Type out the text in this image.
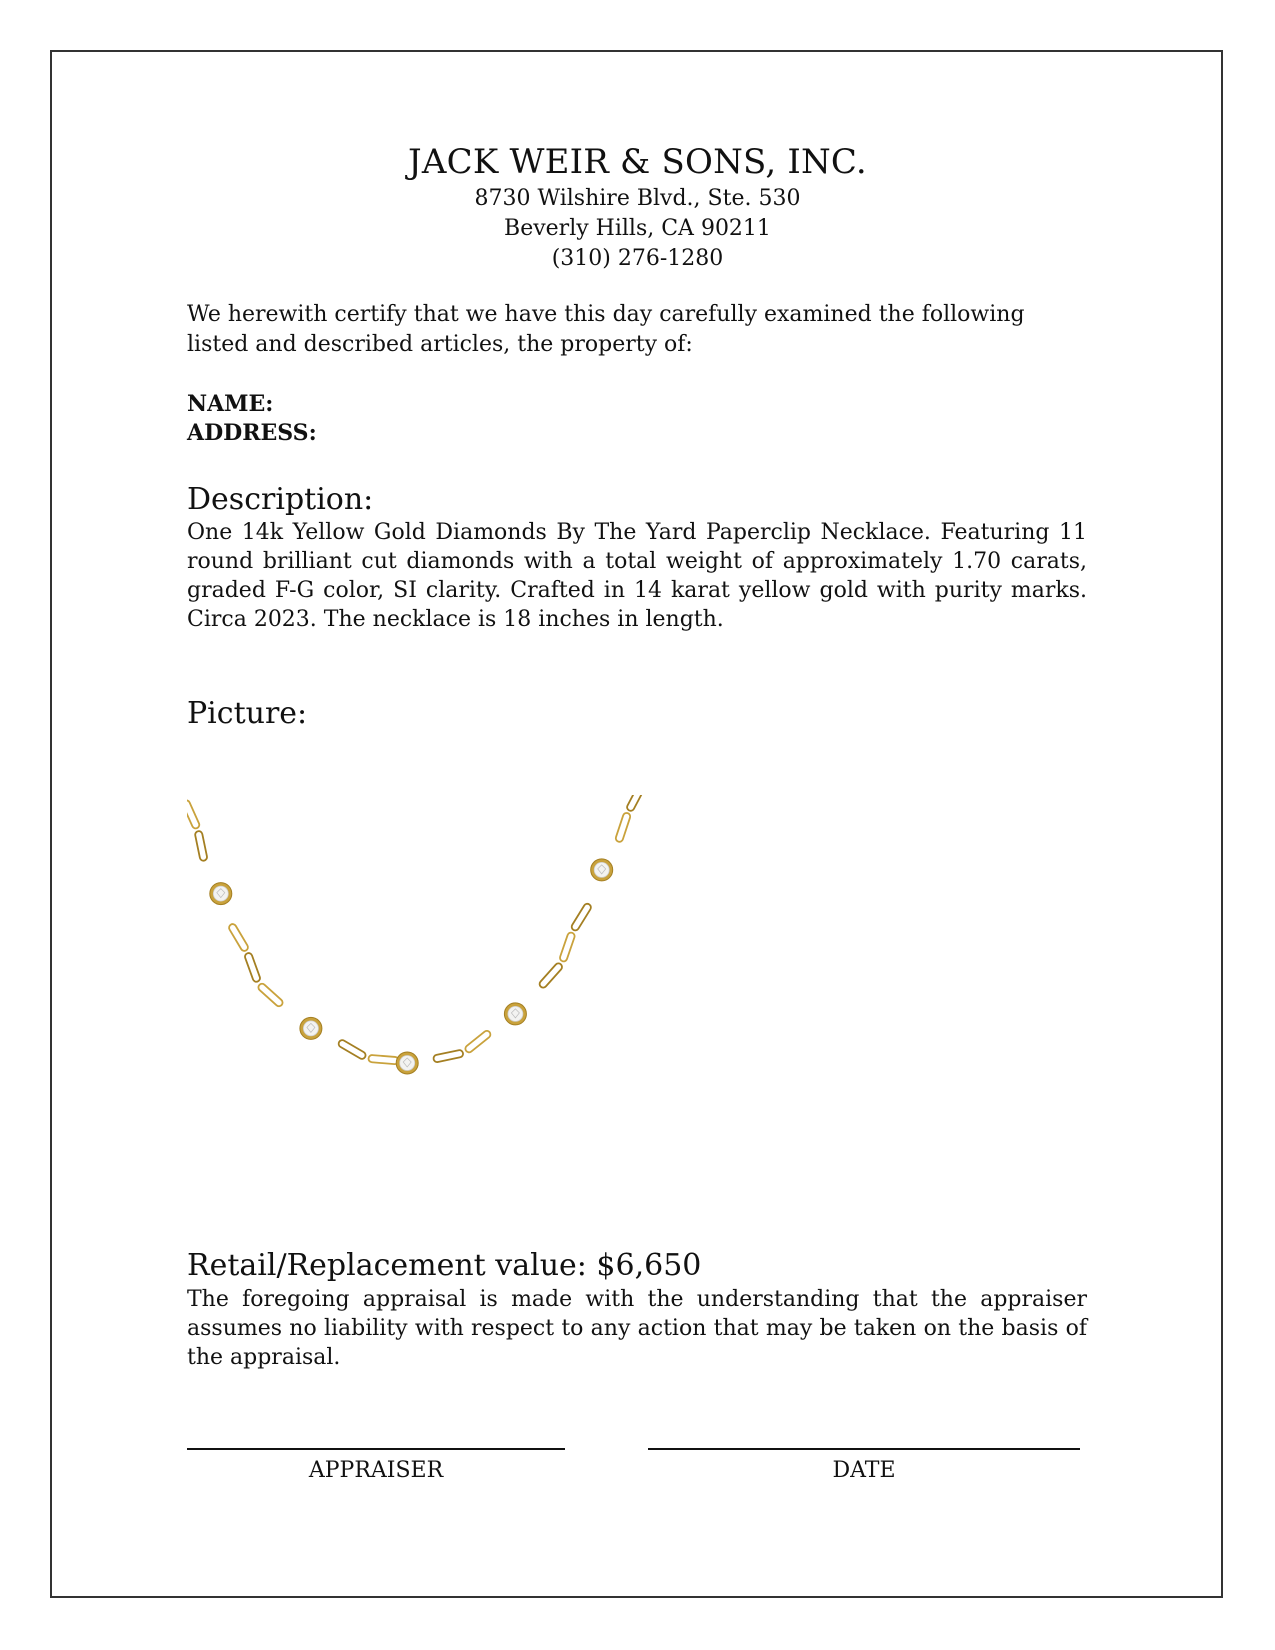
JACK WEIR & SONS, INC.
8730 Wilshire Blvd., Ste. 530
Beverly Hills, CA 90211
(310) 276-1280
We herewith certify that we have this day carefully examined the following listed and described articles, the property of:
NAME:
ADDRESS:
Description:
One 14k Yellow Gold Diamonds By The Yard Paperclip Necklace. Featuring 11 round brilliant cut diamonds with a total weight of approximately 1.70 carats, graded F-G color, SI clarity. Crafted in 14 karat yellow gold with purity marks. Circa 2023. The necklace is 18 inches in length.
Picture:
Retail/Replacement value: $6,650
The foregoing appraisal is made with the understanding that the appraiser assumes no liability with respect to any action that may be taken on the basis of the appraisal.
APPRAISER	DATE
